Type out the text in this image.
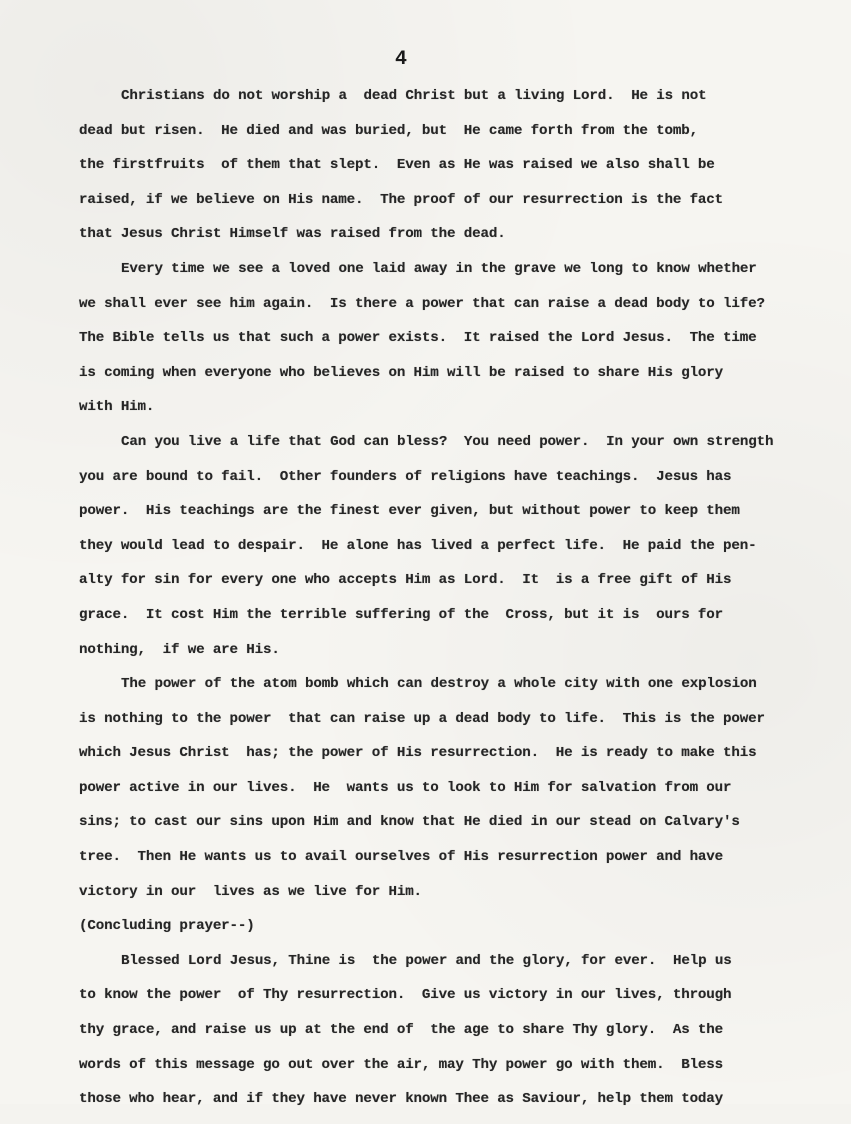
4
Christians do not worship a  dead Christ but a living Lord.  He is not
dead but risen.  He died and was buried, but  He came forth from the tomb,
the firstfruits  of them that slept.  Even as He was raised we also shall be
raised, if we believe on His name.  The proof of our resurrection is the fact
that Jesus Christ Himself was raised from the dead.
Every time we see a loved one laid away in the grave we long to know whether
we shall ever see him again.  Is there a power that can raise a dead body to life?
The Bible tells us that such a power exists.  It raised the Lord Jesus.  The time
is coming when everyone who believes on Him will be raised to share His glory
with Him.
Can you live a life that God can bless?  You need power.  In your own strength
you are bound to fail.  Other founders of religions have teachings.  Jesus has
power.  His teachings are the finest ever given, but without power to keep them
they would lead to despair.  He alone has lived a perfect life.  He paid the pen-
alty for sin for every one who accepts Him as Lord.  It  is a free gift of His
grace.  It cost Him the terrible suffering of the  Cross, but it is  ours for
nothing,  if we are His.
The power of the atom bomb which can destroy a whole city with one explosion
is nothing to the power  that can raise up a dead body to life.  This is the power
which Jesus Christ  has; the power of His resurrection.  He is ready to make this
power active in our lives.  He  wants us to look to Him for salvation from our
sins; to cast our sins upon Him and know that He died in our stead on Calvary's
tree.  Then He wants us to avail ourselves of His resurrection power and have
victory in our  lives as we live for Him.
(Concluding prayer--)
Blessed Lord Jesus, Thine is  the power and the glory, for ever.  Help us
to know the power  of Thy resurrection.  Give us victory in our lives, through
thy grace, and raise us up at the end of  the age to share Thy glory.  As the
words of this message go out over the air, may Thy power go with them.  Bless
those who hear, and if they have never known Thee as Saviour, help them today
